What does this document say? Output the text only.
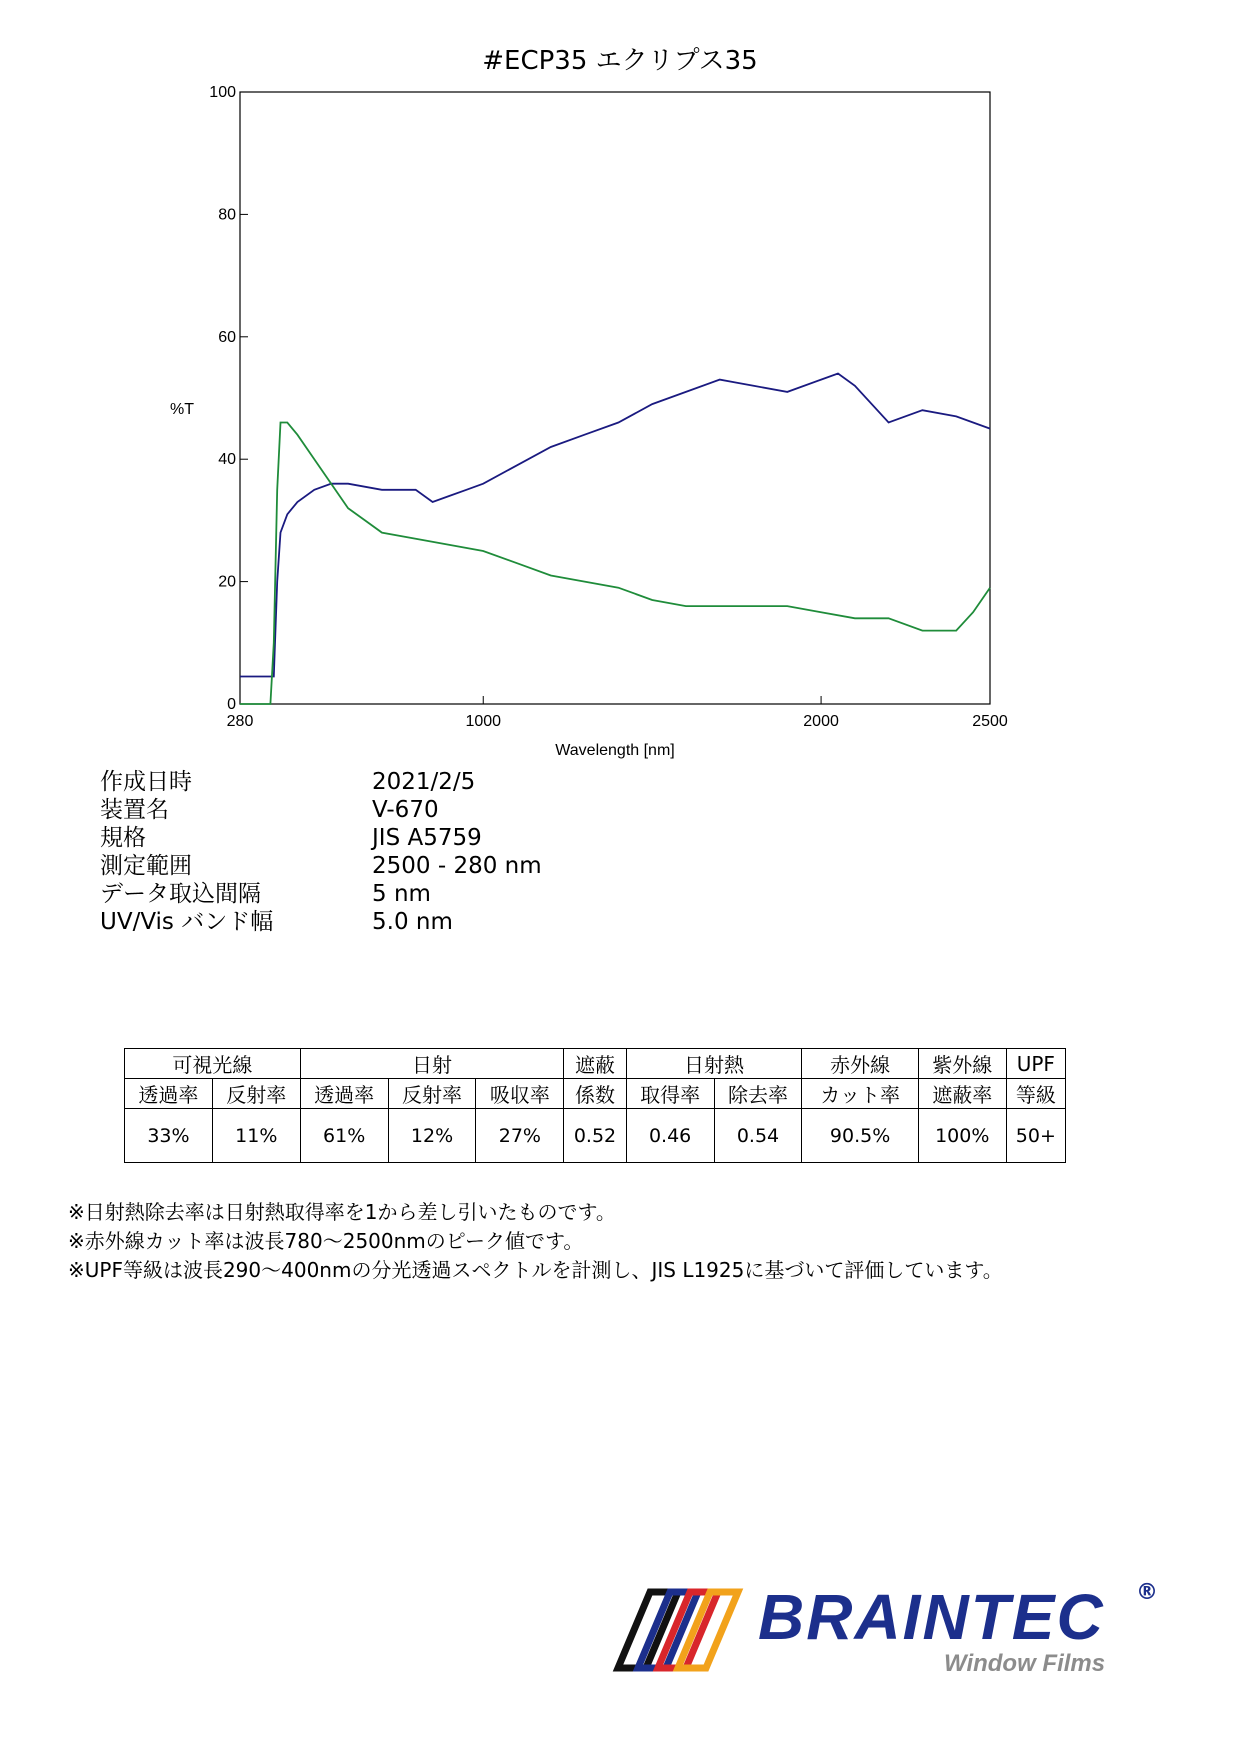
#ECP35 エクリプス35
280	1000	2000	2500
0
20
40
60
80
100
%T
Wavelength [nm]
作成日時	2021/2/5
装置名	V-670
規格	JIS A5759
測定範囲	2500 - 280 nm
データ取込間隔	5 nm
UV/Vis バンド幅	5.0 nm
可視光線		日射			遮蔽	日射熱		赤外線	紫外線	UPF
透過率	反射率	透過率	反射率	吸収率	係数	取得率	除去率	カット率	遮蔽率	等級
33%	11%	61%	12%	27%	0.52	0.46	0.54	90.5%	100%	50+
※日射熱除去率は日射熱取得率を1から差し引いたものです。
※赤外線カット率は波長780〜2500nmのピーク値です。
※UPF等級は波長290〜400nmの分光透過スペクトルを計測し、JIS L1925に基づいて評価しています。
BRAINTEC ®
Window Films
